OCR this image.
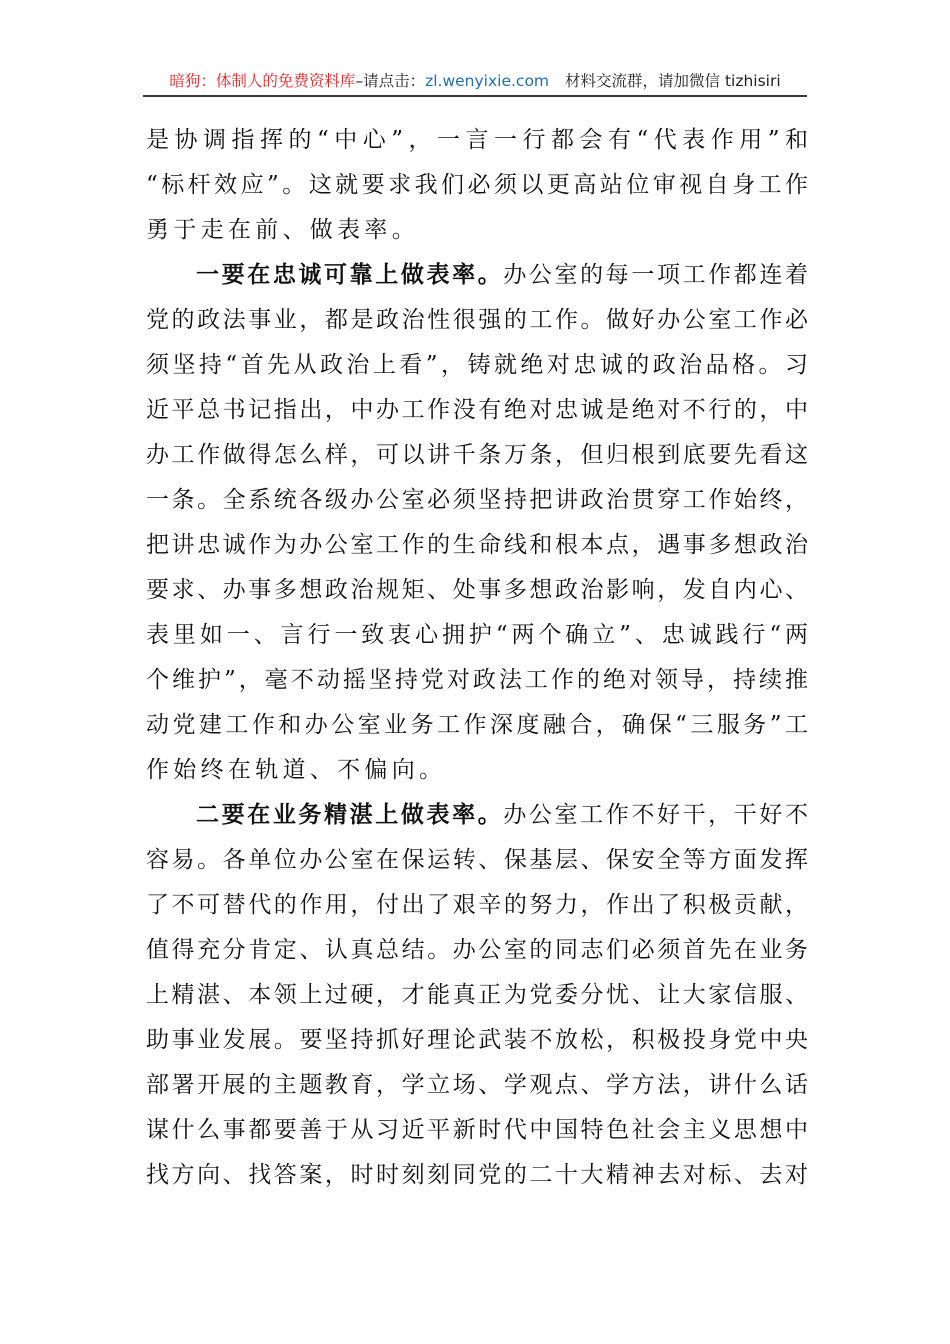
暗狗：体制人的免费资料库–请点击：zl.wenyixie.com 材料交流群，请加微信 tizhisiri
是协调指挥的“中心”，一言一行都会有“代表作用”和
“标杆效应”。这就要求我们必须以更高站位审视自身工作
勇于走在前、做表率。
一要在忠诚可靠上做表率。办公室的每一项工作都连着
党的政法事业，都是政治性很强的工作。做好办公室工作必
须坚持“首先从政治上看”，铸就绝对忠诚的政治品格。习
近平总书记指出，中办工作没有绝对忠诚是绝对不行的，中
办工作做得怎么样，可以讲千条万条，但归根到底要先看这
一条。全系统各级办公室必须坚持把讲政治贯穿工作始终，
把讲忠诚作为办公室工作的生命线和根本点，遇事多想政治
要求、办事多想政治规矩、处事多想政治影响，发自内心、
表里如一、言行一致衷心拥护“两个确立”、忠诚践行“两
个维护”，毫不动摇坚持党对政法工作的绝对领导，持续推
动党建工作和办公室业务工作深度融合，确保“三服务”工
作始终在轨道、不偏向。
二要在业务精湛上做表率。办公室工作不好干，干好不
容易。各单位办公室在保运转、保基层、保安全等方面发挥
了不可替代的作用，付出了艰辛的努力，作出了积极贡献，
值得充分肯定、认真总结。办公室的同志们必须首先在业务
上精湛、本领上过硬，才能真正为党委分忧、让大家信服、
助事业发展。要坚持抓好理论武装不放松，积极投身党中央
部署开展的主题教育，学立场、学观点、学方法，讲什么话
谋什么事都要善于从习近平新时代中国特色社会主义思想中
找方向、找答案，时时刻刻同党的二十大精神去对标、去对
